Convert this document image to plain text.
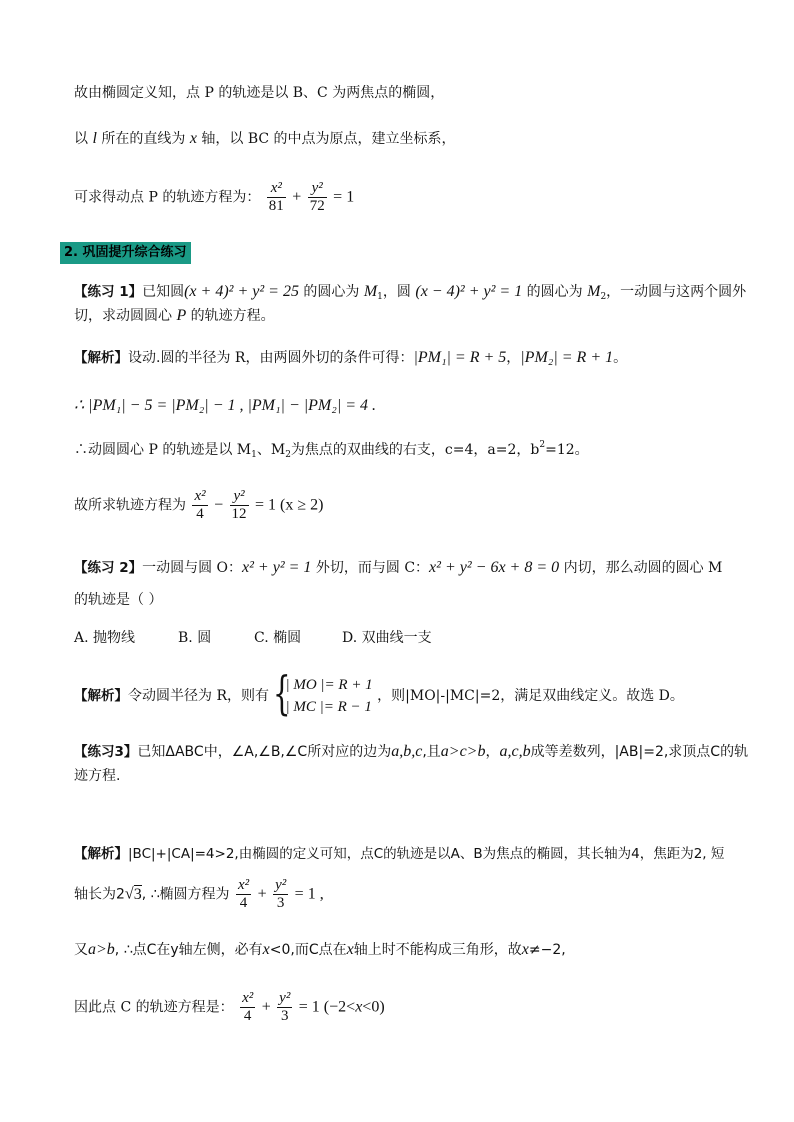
故由椭圆定义知，点 P 的轨迹是以 B、C 为两焦点的椭圆，
以 l 所在的直线为 x 轴，以 BC 的中点为原点，建立坐标系，
可求得动点 P 的轨迹方程为： $\frac{\text{x²}}{81} + \frac{\text{y²}}{72} = 1$
2. 巩固提升综合练习
【练习 1】已知圆(x + 4)² + y² = 25 的圆心为 $M_1$，圆 (x − 4)² + y² = 1 的圆心为 $M_2$，一动圆与这两个圆外
切，求动圆圆心 P 的轨迹方程。
【解析】设动.圆的半径为 R，由两圆外切的条件可得：|PM₁| = R + 5，|PM₂| = R + 1。
∴ |PM₁| − 5 = |PM₂| − 1 , |PM₁| − |PM₂| = 4 .
∴动圆圆心 P 的轨迹是以 $M_1$、$M_2$为焦点的双曲线的右支，c=4，a=2，$b^2=12$。
故所求轨迹方程为 $\frac{\text{x²}}{4} - \frac{\text{y²}}{12} = 1$ (x ≥ 2)
【练习 2】一动圆与圆 O：x² + y² = 1 外切，而与圆 C：x² + y² − 6x + 8 = 0 内切，那么动圆的圆心 M
的轨迹是（ ）
A. 抛物线	B. 圆	C. 椭圆	D. 双曲线一支
【解析】令动圆半径为 R，则有 {
| MO |= R + 1
| MC |= R − 1
，则|MO|-|MC|=2，满足双曲线定义。故选 D。
【练习3】已知ΔABC中，∠A,∠B,∠C所对应的边为a,b,c,且a>c>b，a,c,b成等差数列，|AB|=2,求顶点C的轨
迹方程.
【解析】|BC|+|CA|=4>2,由椭圆的定义可知，点C的轨迹是以A、B为焦点的椭圆，其长轴为4，焦距为2, 短
轴长为2√3, ∴椭圆方程为 $\frac{\text{x²}}{4} + \frac{\text{y²}}{3} = 1$ ,
又a>b, ∴点C在y轴左侧，必有x<0,而C点在x轴上时不能构成三角形，故x≠−2,
因此点 C 的轨迹方程是： $\frac{\text{x²}}{4} + \frac{\text{y²}}{3} = 1$ (−2<x<0)
